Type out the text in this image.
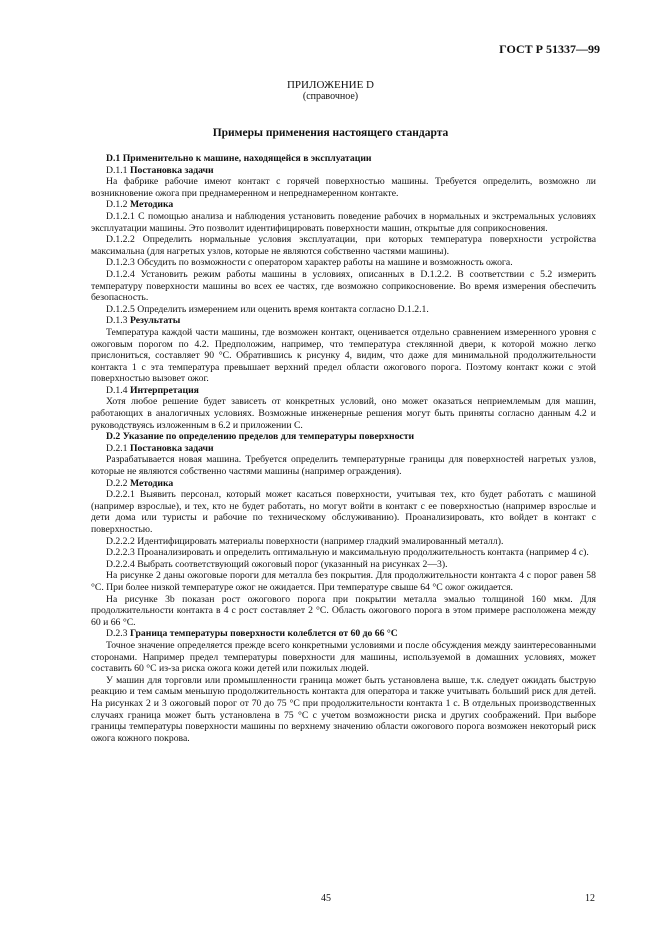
ГОСТ Р 51337—99
ПРИЛОЖЕНИЕ D
(справочное)
Примеры применения настоящего стандарта

D.1 Применительно к машине, находящейся в эксплуатации

D.1.1 Постановка задачи

На фабрике рабочие имеют контакт с горячей поверхностью машины. Требуется определить, возможно ли возникновение ожога при преднамеренном и непреднамеренном контакте.

D.1.2 Методика

D.1.2.1 С помощью анализа и наблюдения установить поведение рабочих в нормальных и экстремальных условиях эксплуатации машины. Это позволит идентифицировать поверхности машин, открытые для соприкосновения.

D.1.2.2 Определить нормальные условия эксплуатации, при которых температура поверхности устройства максимальна (для нагретых узлов, которые не являются собственно частями машины).

D.1.2.3 Обсудить по возможности с оператором характер работы на машине и возможность ожога.

D.1.2.4 Установить режим работы машины в условиях, описанных в D.1.2.2. В соответствии с 5.2 измерить температуру поверхности машины во всех ее частях, где возможно соприкосновение. Во время измерения обеспечить безопасность.

D.1.2.5 Определить измерением или оценить время контакта согласно D.1.2.1.

D.1.3 Результаты

Температура каждой части машины, где возможен контакт, оценивается отдельно сравнением измеренного уровня с ожоговым порогом по 4.2. Предположим, например, что температура стеклянной двери, к которой можно легко прислониться, составляет 90 °С. Обратившись к рисунку 4, видим, что даже для минимальной продолжительности контакта 1 с эта температура превышает верхний предел области ожогового порога. Поэтому контакт кожи с этой поверхностью вызовет ожог.

D.1.4 Интерпретация

Хотя любое решение будет зависеть от конкретных условий, оно может оказаться неприемлемым для машин, работающих в аналогичных условиях. Возможные инженерные решения могут быть приняты согласно данным 4.2 и руководствуясь изложенным в 6.2 и приложении С.

D.2 Указание по определению пределов для температуры поверхности

D.2.1 Постановка задачи

Разрабатывается новая машина. Требуется определить температурные границы для поверхностей нагретых узлов, которые не являются собственно частями машины (например ограждения).

D.2.2 Методика

D.2.2.1 Выявить персонал, который может касаться поверхности, учитывая тех, кто будет работать с машиной (например взрослые), и тех, кто не будет работать, но могут войти в контакт с ее поверхностью (например взрослые и дети дома или туристы и рабочие по техническому обслуживанию). Проанализировать, кто войдет в контакт с поверхностью.

D.2.2.2 Идентифицировать материалы поверхности (например гладкий эмалированный металл).

D.2.2.3 Проанализировать и определить оптимальную и максимальную продолжительность контакта (например 4 с).

D.2.2.4 Выбрать соответствующий ожоговый порог (указанный на рисунках 2—3).

На рисунке 2 даны ожоговые пороги для металла без покрытия. Для продолжительности контакта 4 с порог равен 58 °С. При более низкой температуре ожог не ожидается. При температуре свыше 64 °С ожог ожидается.

На рисунке 3b показан рост ожогового порога при покрытии металла эмалью толщиной 160 мкм. Для продолжительности контакта в 4 с рост составляет 2 °С. Область ожогового порога в этом примере расположена между 60 и 66 °С.

D.2.3 Граница температуры поверхности колеблется от 60 до 66 °С

Точное значение определяется прежде всего конкретными условиями и после обсуждения между заинтересованными сторонами. Например предел температуры поверхности для машины, используемой в домашних условиях, может составить 60 °С из-за риска ожога кожи детей или пожилых людей.

У машин для торговли или промышленности граница может быть установлена выше, т.к. следует ожидать быструю реакцию и тем самым меньшую продолжительность контакта для оператора и также учитывать больший риск для детей. На рисунках 2 и 3 ожоговый порог от 70 до 75 °С при продолжительности контакта 1 с. В отдельных производственных случаях граница может быть установлена в 75 °С с учетом возможности риска и других соображений. При выборе границы температуры поверхности машины по верхнему значению области ожогового порога возможен некоторый риск ожога кожного покрова.

45	12
